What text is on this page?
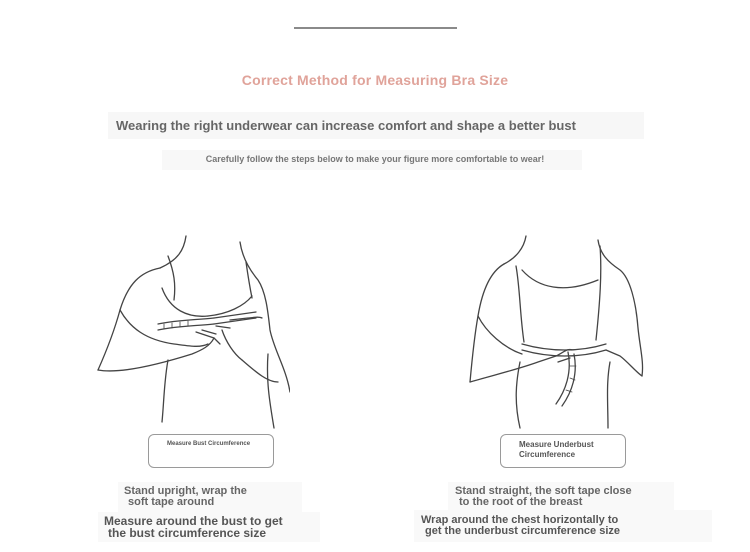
Correct Method for Measuring Bra Size
Wearing the right underwear can increase comfort and shape a better bust
Carefully follow the steps below to make your figure more comfortable to wear!
Measure Bust Circumference	Measure Underbust
Circumference
Stand upright, wrap the
soft tape around
Measure around the bust to get
the bust circumference size
Stand straight, the soft tape close
to the root of the breast
Wrap around the chest horizontally to
get the underbust circumference size
